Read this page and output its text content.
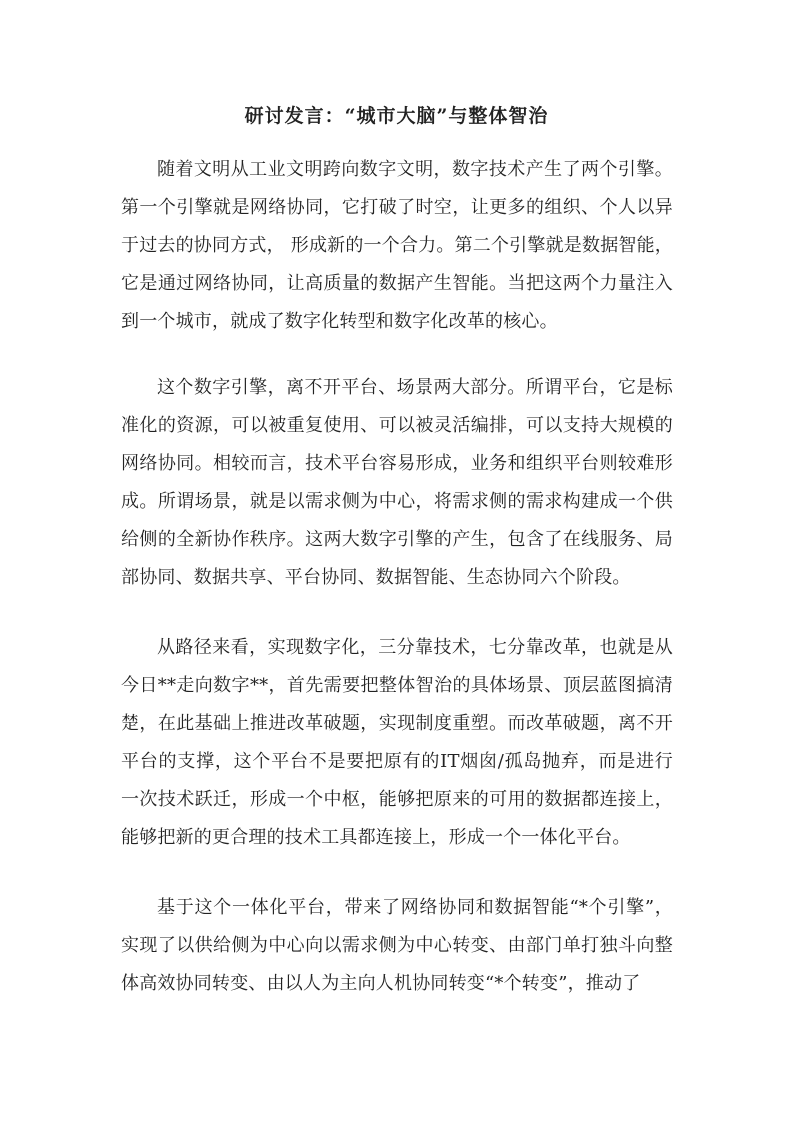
研讨发言：“城市大脑”与整体智治

随着文明从工业文明跨向数字文明，数字技术产生了两个引擎。第一个引擎就是网络协同，它打破了时空，让更多的组织、个人以异于过去的协同方式， 形成新的一个合力。第二个引擎就是数据智能，它是通过网络协同，让高质量的数据产生智能。当把这两个力量注入到一个城市，就成了数字化转型和数字化改革的核心。

这个数字引擎，离不开平台、场景两大部分。所谓平台，它是标准化的资源，可以被重复使用、可以被灵活编排，可以支持大规模的网络协同。相较而言，技术平台容易形成，业务和组织平台则较难形成。所谓场景，就是以需求侧为中心，将需求侧的需求构建成一个供给侧的全新协作秩序。这两大数字引擎的产生，包含了在线服务、局部协同、数据共享、平台协同、数据智能、生态协同六个阶段。

从路径来看，实现数字化，三分靠技术，七分靠改革，也就是从今日**走向数字**，首先需要把整体智治的具体场景、顶层蓝图搞清楚，在此基础上推进改革破题，实现制度重塑。而改革破题，离不开平台的支撑，这个平台不是要把原有的IT烟囱/孤岛抛弃，而是进行一次技术跃迁，形成一个中枢，能够把原来的可用的数据都连接上，能够把新的更合理的技术工具都连接上，形成一个一体化平台。

基于这个一体化平台，带来了网络协同和数据智能“*个引擎”，实现了以供给侧为中心向以需求侧为中心转变、由部门单打独斗向整体高效协同转变、由以人为主向人机协同转变“*个转变”，推动了
